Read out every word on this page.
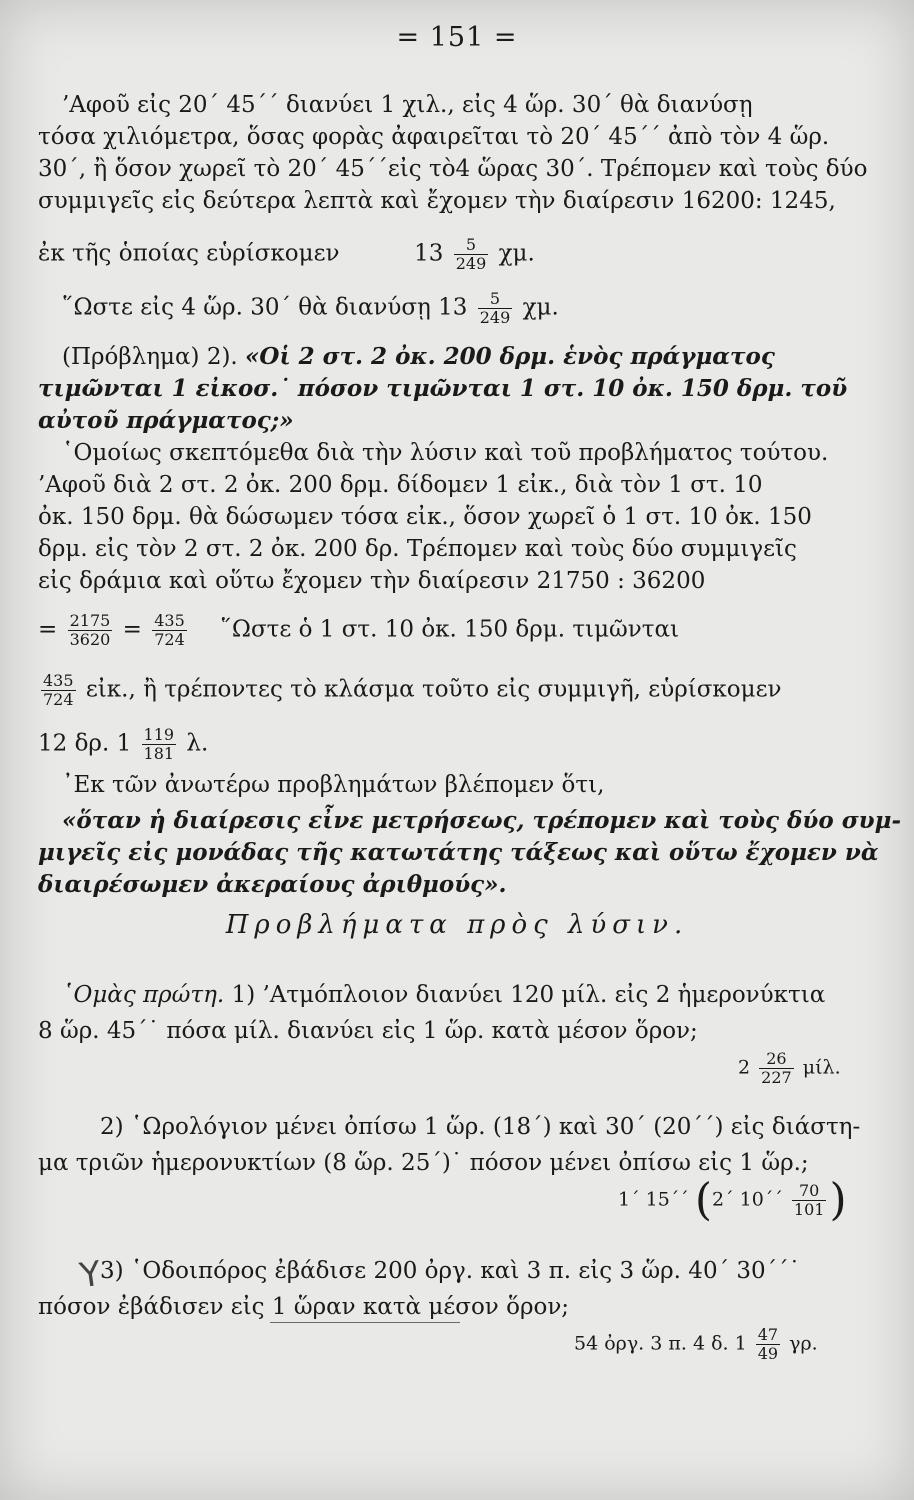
= 151 =
’Αφοῦ εἰς 20΄ 45΄΄ διανύει 1 χιλ., εἰς 4 ὥρ. 30΄ θὰ διανύσῃ
τόσα χιλιόμετρα, ὅσας φορὰς ἀφαιρεῖται τὸ 20΄ 45΄΄ ἀπὸ τὸν 4 ὥρ.
30΄, ἢ ὅσον χωρεῖ τὸ 20΄ 45΄΄εἰς τὸ4 ὥρας 30΄. Τρέπομεν καὶ τοὺς δύο
συμμιγεῖς εἰς δεύτερα λεπτὰ καὶ ἔχομεν τὴν διαίρεσιν 16200: 1245,
ἐκ τῆς ὁποίας εὑρίσκομεν	$13 \frac{5}{249} \chi\mu$.
῞Ωστε εἰς 4 ὥρ. 30΄ θὰ διανύσῃ $13 \frac{5}{249} \chi\mu$.
(Πρόβλημα) 2). «Οἱ 2 στ. 2 ὀκ. 200 δρμ. ἑνὸς πράγματος
τιμῶνται 1 εἰκοσ.˙ πόσον τιμῶνται 1 στ. 10 ὀκ. 150 δρμ. τοῦ
αὐτοῦ πράγματος;»
῾Ομοίως σκεπτόμεθα διὰ τὴν λύσιν καὶ τοῦ προβλήματος τούτου.
’Αφοῦ διὰ 2 στ. 2 ὀκ. 200 δρμ. δίδομεν 1 εἰκ., διὰ τὸν 1 στ. 10
ὀκ. 150 δρμ. θὰ δώσωμεν τόσα εἰκ., ὅσον χωρεῖ ὁ 1 στ. 10 ὀκ. 150
δρμ. εἰς τὸν 2 στ. 2 ὀκ. 200 δρ. Τρέπομεν καὶ τοὺς δύο συμμιγεῖς
εἰς δράμια καὶ οὕτω ἔχομεν τὴν διαίρεσιν 21750 : 36200
= $\frac{2175}{3620} = \frac{435}{724}$ ῞Ωστε ὁ 1 στ. 10 ὀκ. 150 δρμ. τιμῶνται
$\frac{435}{724}$ εἰκ., ἢ τρέποντες τὸ κλάσμα τοῦτο εἰς συμμιγῆ, εὑρίσκομεν
12 δρ. $1 \frac{119}{181} \lambda$.
᾿Εκ τῶν ἀνωτέρω προβλημάτων βλέπομεν ὅτι,
«ὅταν ἡ διαίρεσις εἶνε μετρήσεως, τρέπομεν καὶ τοὺς δύο συμ-
μιγεῖς εἰς μονάδας τῆς κατωτάτης τάξεως καὶ οὕτω ἔχομεν νὰ
διαιρέσωμεν ἀκεραίους ἀριθμούς».
Προβλήματα πρὸς λύσιν.
῾Ομὰς πρώτη. 1) ’Ατμόπλοιον διανύει 120 μίλ. εἰς 2 ἡμερονύκτια
8 ὥρ. 45΄˙ πόσα μίλ. διανύει εἰς 1 ὥρ. κατὰ μέσον ὅρον;
$2 \frac{26}{227} \mu ί\lambda$.
2) ῾Ωρολόγιον μένει ὀπίσω 1 ὥρ. (18΄) καὶ 30΄ (20΄΄) εἰς διάστη-
μα τριῶν ἡμερονυκτίων (8 ὥρ. 25΄)˙ πόσον μένει ὀπίσω εἰς 1 ὥρ.;
1΄ 15΄΄ (2΄ $10΄΄ \frac{70}{101}$ )
Y
3) ῾Οδοιπόρος ἐβάδισε 200 ὀργ. καὶ 3 π. εἰς 3 ὥρ. 40΄ 30΄΄˙
πόσον ἐβάδισεν εἰς 1 ὥραν κατὰ μέσον ὅρον;
54 ὀργ. 3 π. 4 δ. $1 \frac{47}{49} \gamma\rho$.
